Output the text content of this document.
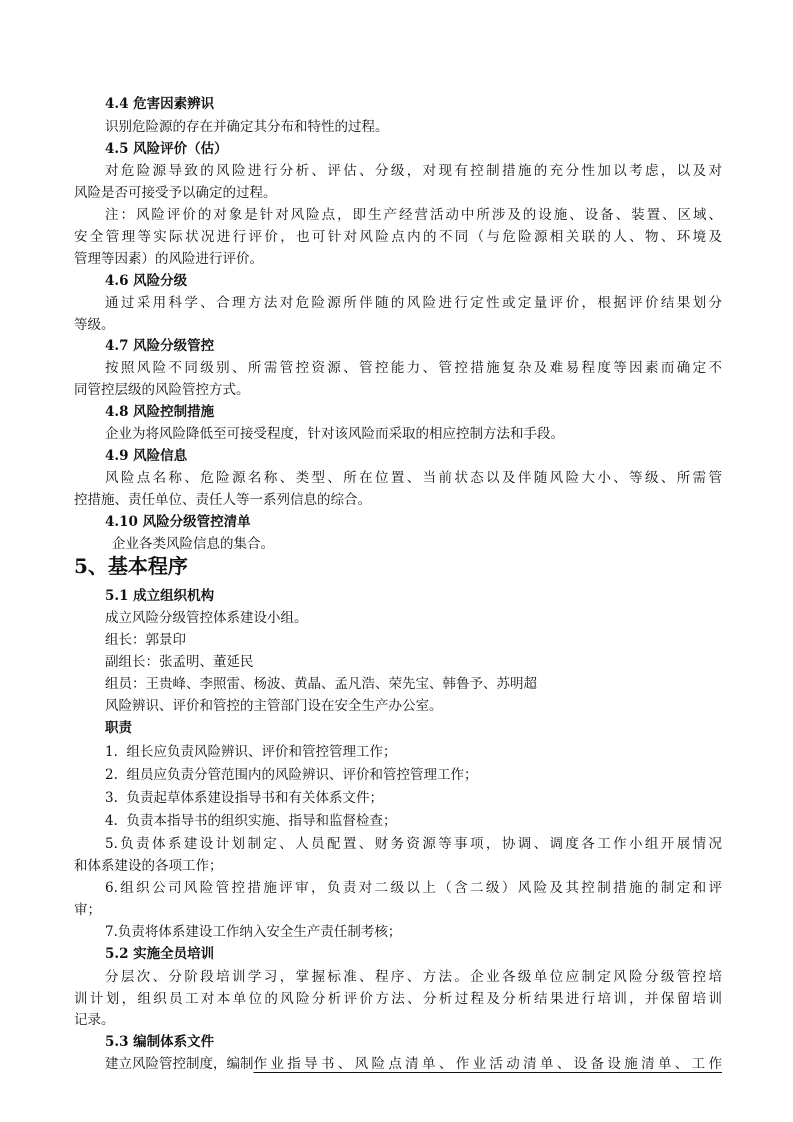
4.4 危害因素辨识
识别危险源的存在并确定其分布和特性的过程。
4.5 风险评价（估）
对危险源导致的风险进行分析、评估、分级，对现有控制措施的充分性加以考虑，以及对
风险是否可接受予以确定的过程。
注：风险评价的对象是针对风险点，即生产经营活动中所涉及的设施、设备、装置、区域、
安全管理等实际状况进行评价，也可针对风险点内的不同（与危险源相关联的人、物、环境及
管理等因素）的风险进行评价。
4.6 风险分级
通过采用科学、合理方法对危险源所伴随的风险进行定性或定量评价，根据评价结果划分
等级。
4.7 风险分级管控
按照风险不同级别、所需管控资源、管控能力、管控措施复杂及难易程度等因素而确定不
同管控层级的风险管控方式。
4.8 风险控制措施
企业为将风险降低至可接受程度，针对该风险而采取的相应控制方法和手段。
4.9 风险信息
风险点名称、危险源名称、类型、所在位置、当前状态以及伴随风险大小、等级、所需管
控措施、责任单位、责任人等一系列信息的综合。
4.10 风险分级管控清单
企业各类风险信息的集合。
5、基本程序
5.1 成立组织机构
成立风险分级管控体系建设小组。
组长：郭景印
副组长：张孟明、董延民
组员：王贵峰、李照雷、杨波、黄晶、孟凡浩、荣先宝、韩鲁予、苏明超
风险辨识、评价和管控的主管部门设在安全生产办公室。
职责
1.  组长应负责风险辨识、评价和管控管理工作；
2.  组员应负责分管范围内的风险辨识、评价和管控管理工作；
3.  负责起草体系建设指导书和有关体系文件；
4.  负责本指导书的组织实施、指导和监督检查；
5.负责体系建设计划制定、人员配置、财务资源等事项，协调、调度各工作小组开展情况
和体系建设的各项工作；
6.组织公司风险管控措施评审，负责对二级以上（含二级）风险及其控制措施的制定和评
审；
7.负责将体系建设工作纳入安全生产责任制考核；
5.2 实施全员培训
分层次、分阶段培训学习，掌握标准、程序、方法。企业各级单位应制定风险分级管控培
训计划，组织员工对本单位的风险分析评价方法、分析过程及分析结果进行培训，并保留培训
记录。
5.3 编制体系文件
建立风险管控制度，编制 作业指导书、风险点清单、作业活动清单、设备设施清单、工作
